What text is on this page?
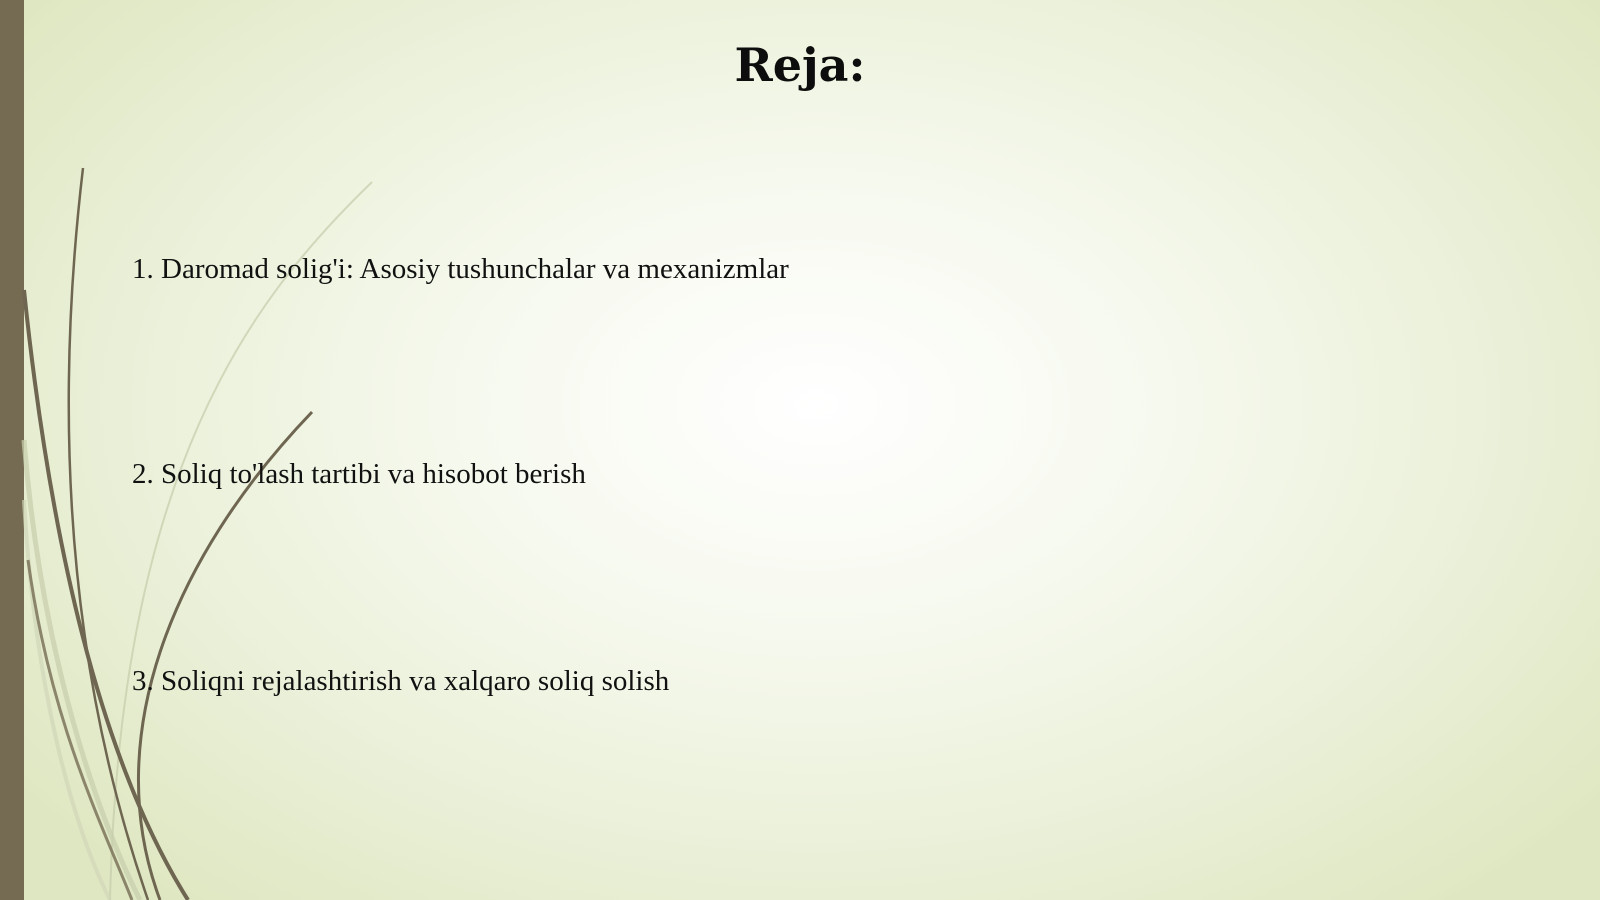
Reja:
1. Daromad solig'i: Asosiy tushunchalar va mexanizmlar
2. Soliq to'lash tartibi va hisobot berish
3. Soliqni rejalashtirish va xalqaro soliq solish
